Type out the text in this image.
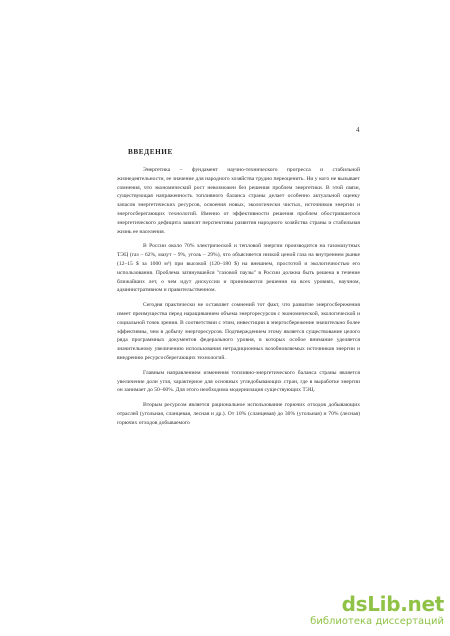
4
ВВЕДЕНИЕ

Энергетика – фундамент научно-технического прогресса и стабильной жизнедеятельности, ее значение для народного хозяйства трудно переоценить. Ни у кого не вызывает сомнения, что экономический рост невозможен без решения проблем энергетики. В этой связи, существующая напряженность топливного баланса страны делает особенно актуальной оценку запасов энергетических ресурсов, освоения новых, экологически чистых, источников энергии и энергосберегающих технологий. Именно от эффективности решения проблем обострившегося энергетического дефицита зависят перспективы развития народного хозяйства страны и стабильная жизнь ее населения.

В России около 70% электрической и тепловой энергии производится на газомазутных ТЭЦ (газ – 62%, мазут – 9%, уголь – 29%), что объясняется низкой ценой газа на внутреннем рынке (12–15 $ за 1000 м³) при высокой (120–180 $) на внешнем, простотой и экологичностью его использования. Проблема затянувшейся "газовой паузы" в России должна быть решена в течение ближайших лет, о чем идут дискуссии и принимаются решения на всех уровнях, научном, административном и правительственном.

Сегодня практически не оставляет сомнений тот факт, что развитие энергосбережения имеет преимущества перед наращиванием объема энергоресурсов с экономической, экологической и социальной точек зрения. В соответствии с этим, инвестиции в энергосбережение значительно более эффективны, чем в добычу энергоресурсов. Подтверждением этому является существование целого ряда программных документов федерального уровня, в которых особое внимание уделяется значительному увеличению использования нетрадиционных возобновляемых источников энергии и внедрению ресурсосберегающих технологий.

Главным направлением изменения топливно-энергетического баланса страны является увеличение доли угля, характерное для основных угледобывающих стран, где в выработке энергии он занимает до 50–60%. Для этого необходима модернизация существующих ТЭЦ.

Вторым ресурсом является рациональное использование горючих отходов добывающих отраслей (угольная, сланцевая, лесная и др.). От 10% (сланцевая) до 30% (угольная) и 70% (лесная) горючих отходов добываемого

dsLib.net
библиотека диссертаций
